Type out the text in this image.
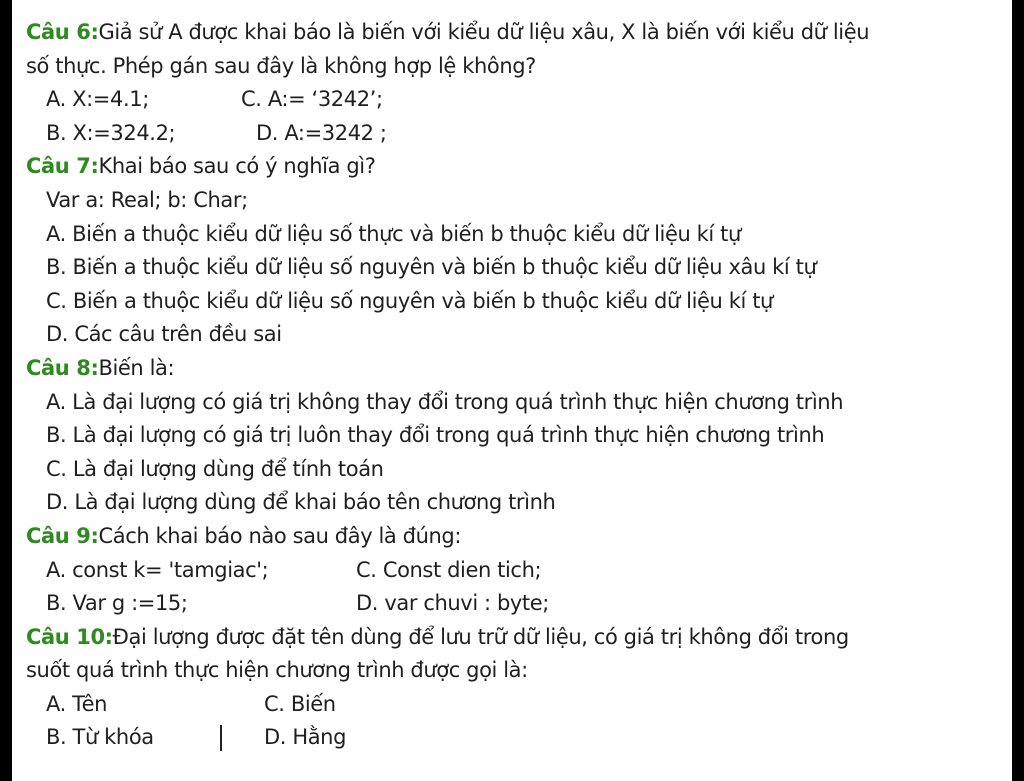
Câu 6:Giả sử A được khai báo là biến với kiểu dữ liệu xâu, X là biến với kiểu dữ liệu
số thực. Phép gán sau đây là không hợp lệ không?
A. X:=4.1;	C. A:= ‘3242’;
B. X:=324.2;	D. A:=3242 ;
Câu 7:Khai báo sau có ý nghĩa gì?
Var a: Real; b: Char;
A. Biến a thuộc kiểu dữ liệu số thực và biến b thuộc kiểu dữ liệu kí tự
B. Biến a thuộc kiểu dữ liệu số nguyên và biến b thuộc kiểu dữ liệu xâu kí tự
C. Biến a thuộc kiểu dữ liệu số nguyên và biến b thuộc kiểu dữ liệu kí tự
D. Các câu trên đều sai
Câu 8:Biến là:
A. Là đại lượng có giá trị không thay đổi trong quá trình thực hiện chương trình
B. Là đại lượng có giá trị luôn thay đổi trong quá trình thực hiện chương trình
C. Là đại lượng dùng để tính toán
D. Là đại lượng dùng để khai báo tên chương trình
Câu 9:Cách khai báo nào sau đây là đúng:
A. const k= 'tamgiac';	C. Const dien tich;
B. Var g :=15;	D. var chuvi : byte;
Câu 10:Đại lượng được đặt tên dùng để lưu trữ dữ liệu, có giá trị không đổi trong
suốt quá trình thực hiện chương trình được gọi là:
A. Tên	C. Biến
B. Từ khóa	D. Hằng
